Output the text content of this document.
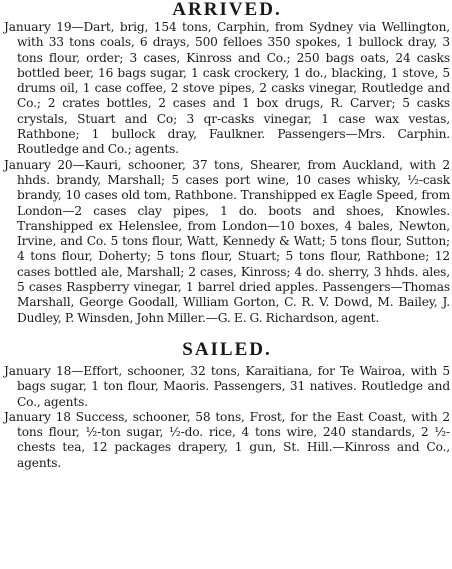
ARRIVED.

January 19—Dart, brig, 154 tons, Carphin, from Sydney via Wellington, with 33 tons coals, 6 drays, 500 felloes 350 spokes, 1 bullock dray, 3 tons flour, order; 3 cases, Kinross and Co.; 250 bags oats, 24 casks bottled beer, 16 bags sugar, 1 cask crockery, 1 do., blacking, 1 stove, 5 drums oil, 1 case coffee, 2 stove pipes, 2 casks vinegar, Routledge and Co.; 2 crates bottles, 2 cases and 1 box drugs, R. Carver; 5 casks crystals, Stuart and Co; 3 qr-casks vinegar, 1 case wax vestas, Rathbone; 1 bullock dray, Faulkner. Passengers—Mrs. Carphin. Routledge and Co.; agents.

January 20—Kauri, schooner, 37 tons, Shearer, from Auckland, with 2 hhds. brandy, Marshall; 5 cases port wine, 10 cases whisky, ½-cask brandy, 10 cases old tom, Rathbone. Transhipped ex Eagle Speed, from London—2 cases clay pipes, 1 do. boots and shoes, Knowles. Transhipped ex Helenslee, from London—10 boxes, 4 bales, Newton, Irvine, and Co. 5 tons flour, Watt, Kennedy & Watt; 5 tons flour, Sutton; 4 tons flour, Doherty; 5 tons flour, Stuart; 5 tons flour, Rathbone; 12 cases bottled ale, Marshall; 2 cases, Kinross; 4 do. sherry, 3 hhds. ales, 5 cases Raspberry vinegar, 1 barrel dried apples. Passengers—Thomas Marshall, George Goodall, William Gorton, C. R. V. Dowd, M. Bailey, J. Dudley, P. Winsden, John Miller.—G. E. G. Richardson, agent.

SAILED.

January 18—Effort, schooner, 32 tons, Karaitiana, for Te Wairoa, with 5 bags sugar, 1 ton flour, Maoris. Passengers, 31 natives. Routledge and Co., agents.

January 18 Success, schooner, 58 tons, Frost, for the East Coast, with 2 tons flour, ½-ton sugar, ½-do. rice, 4 tons wire, 240 standards, 2 ½-chests tea, 12 packages drapery, 1 gun, St. Hill.—Kinross and Co., agents.
